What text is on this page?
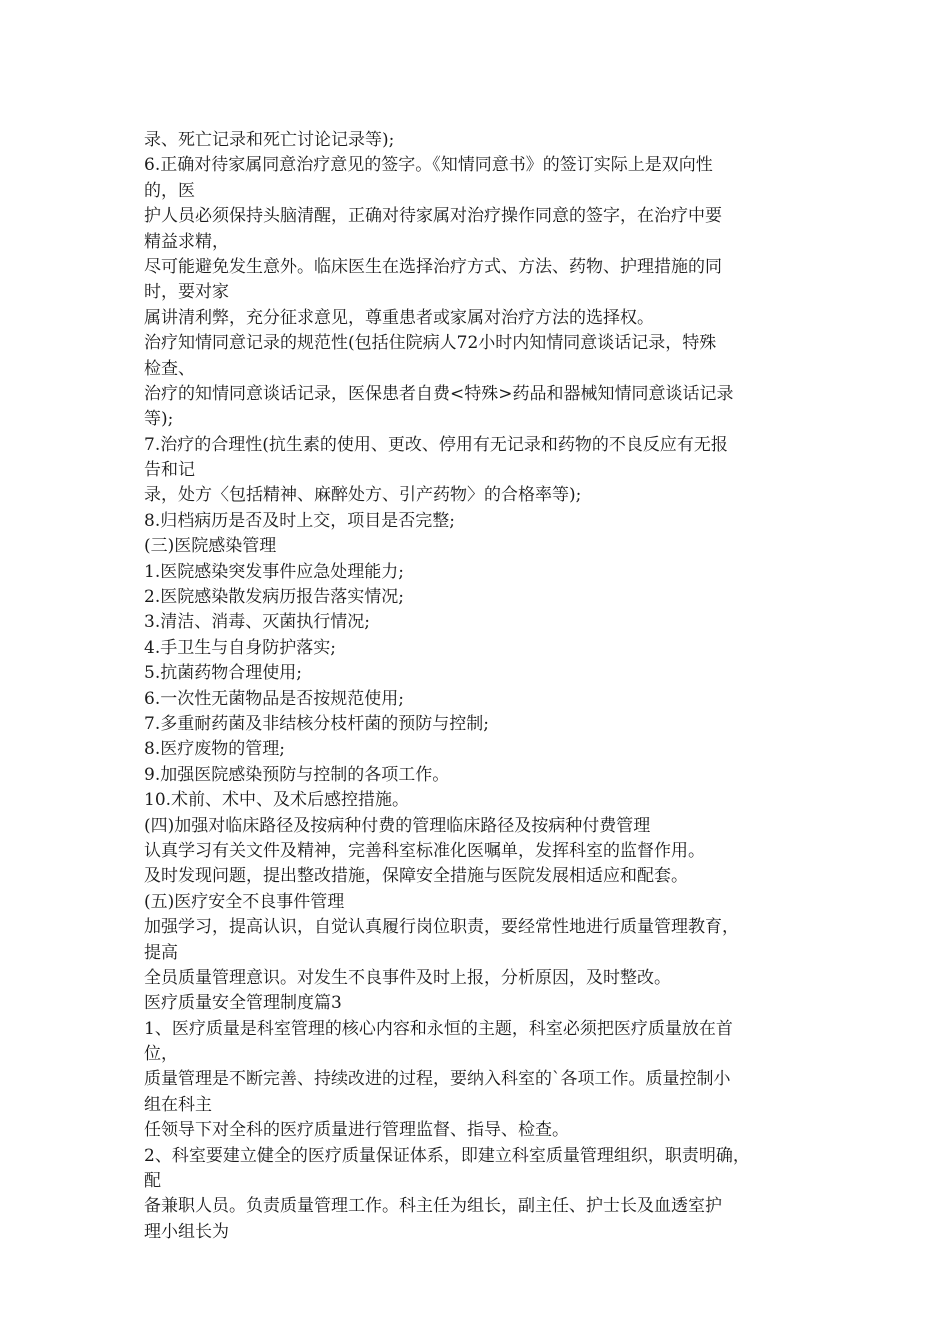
录、死亡记录和死亡讨论记录等);
6.正确对待家属同意治疗意见的签字。《知情同意书》的签订实际上是双向性
的，医
护人员必须保持头脑清醒，正确对待家属对治疗操作同意的签字，在治疗中要
精益求精，
尽可能避免发生意外。临床医生在选择治疗方式、方法、药物、护理措施的同
时，要对家
属讲清利弊，充分征求意见，尊重患者或家属对治疗方法的选择权。
治疗知情同意记录的规范性(包括住院病人72小时内知情同意谈话记录，特殊
检查、
治疗的知情同意谈话记录，医保患者自费<特殊>药品和器械知情同意谈话记录
等);
7.治疗的合理性(抗生素的使用、更改、停用有无记录和药物的不良反应有无报
告和记
录，处方〈包括精神、麻醉处方、引产药物〉的合格率等);
8.归档病历是否及时上交，项目是否完整;
(三)医院感染管理
1.医院感染突发事件应急处理能力;
2.医院感染散发病历报告落实情况;
3.清洁、消毒、灭菌执行情况;
4.手卫生与自身防护落实;
5.抗菌药物合理使用;
6.一次性无菌物品是否按规范使用;
7.多重耐药菌及非结核分枝杆菌的预防与控制;
8.医疗废物的管理;
9.加强医院感染预防与控制的各项工作。
10.术前、术中、及术后感控措施。
(四)加强对临床路径及按病种付费的管理临床路径及按病种付费管理
认真学习有关文件及精神，完善科室标准化医嘱单，发挥科室的监督作用。
及时发现问题，提出整改措施，保障安全措施与医院发展相适应和配套。
(五)医疗安全不良事件管理
加强学习，提高认识，自觉认真履行岗位职责，要经常性地进行质量管理教育，
提高
全员质量管理意识。对发生不良事件及时上报，分析原因，及时整改。
医疗质量安全管理制度篇3
1、医疗质量是科室管理的核心内容和永恒的主题，科室必须把医疗质量放在首
位，
质量管理是不断完善、持续改进的过程，要纳入科室的`各项工作。质量控制小
组在科主
任领导下对全科的医疗质量进行管理监督、指导、检查。
2、科室要建立健全的医疗质量保证体系，即建立科室质量管理组织，职责明确，
配
备兼职人员。负责质量管理工作。科主任为组长，副主任、护士长及血透室护
理小组长为
